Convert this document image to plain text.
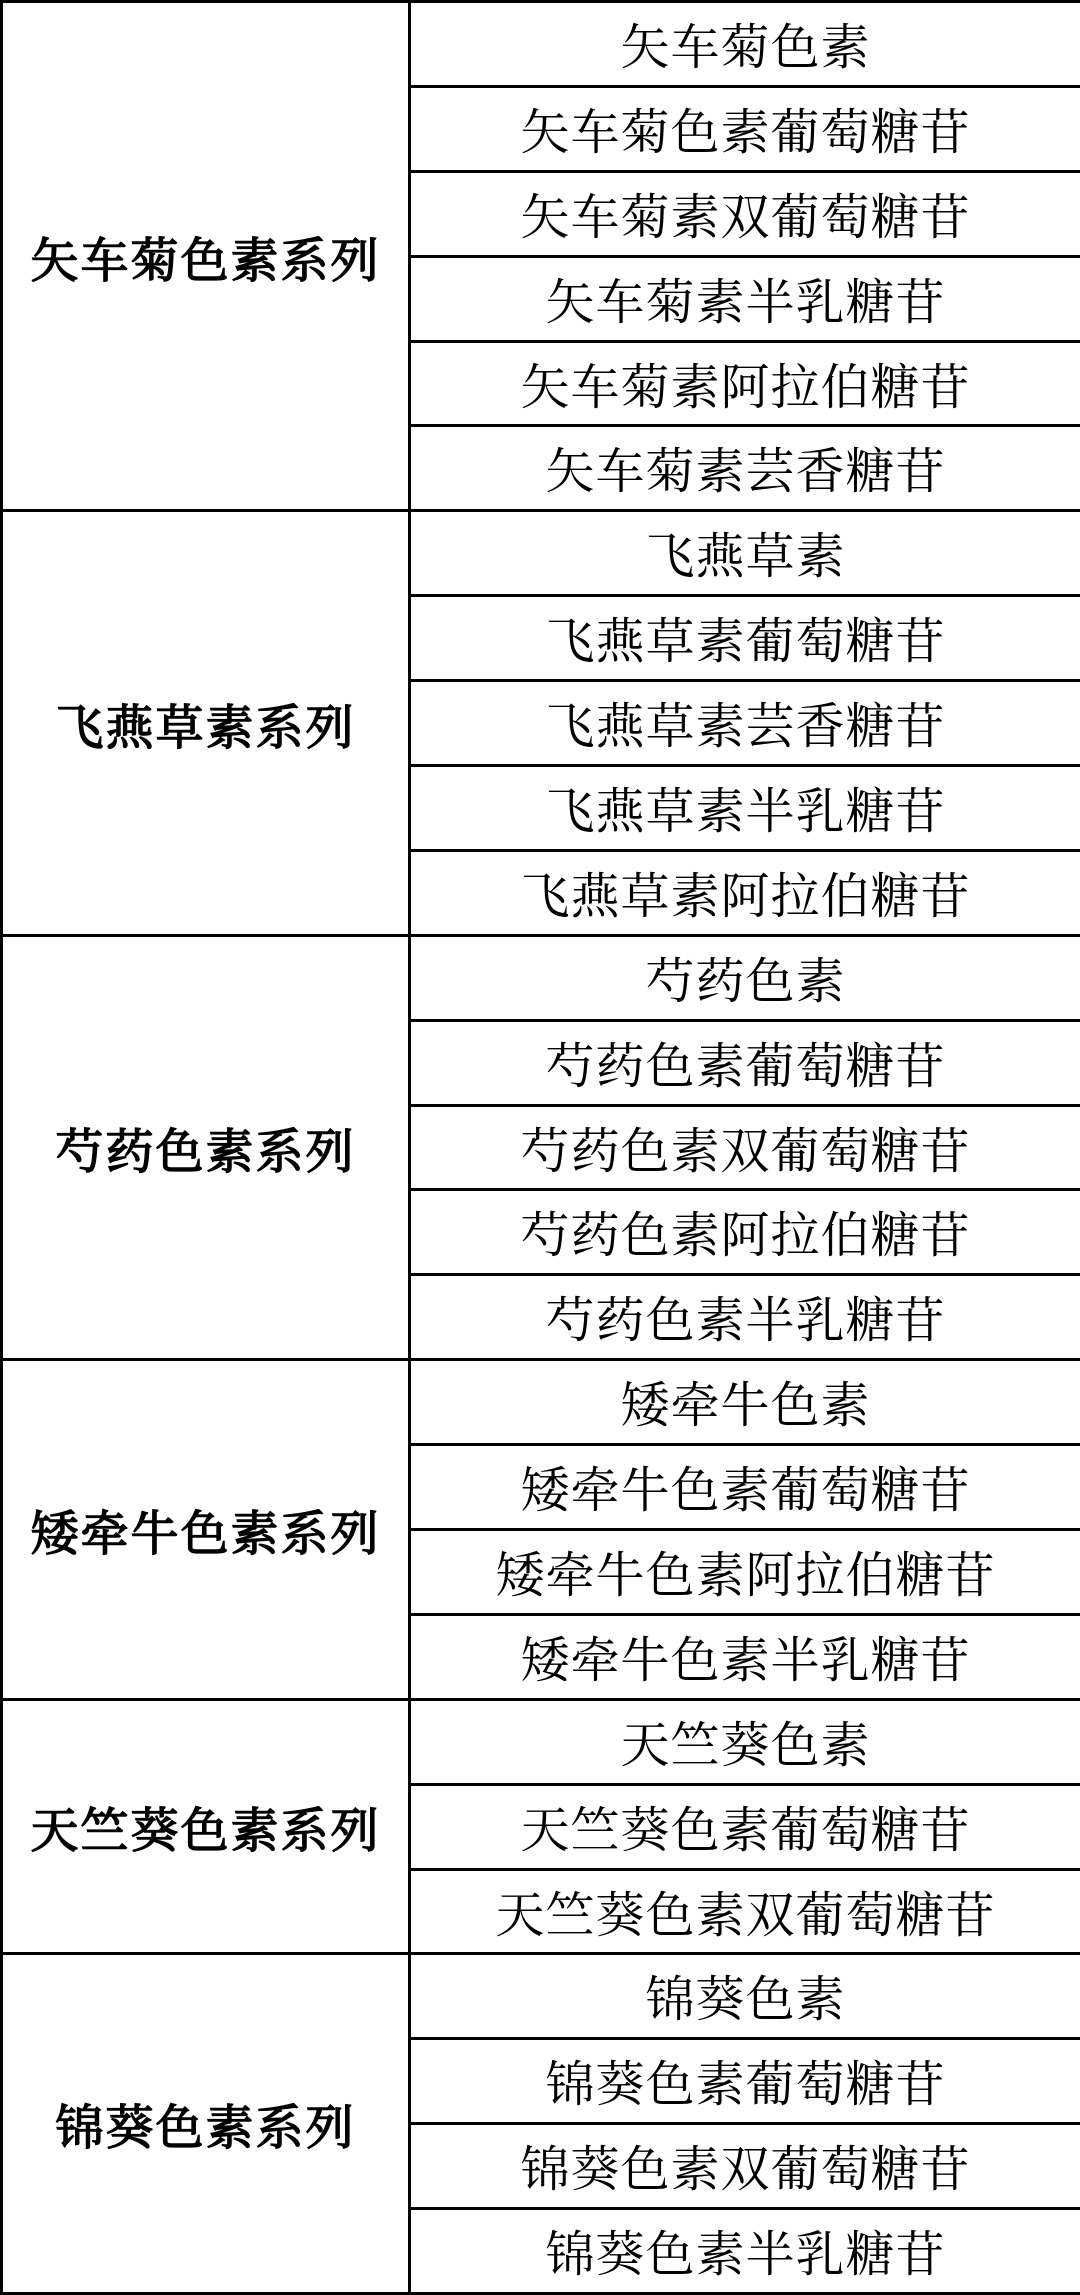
矢车菊色素系列	矢车菊色素
	矢车菊色素葡萄糖苷
	矢车菊素双葡萄糖苷
	矢车菊素半乳糖苷
	矢车菊素阿拉伯糖苷
	矢车菊素芸香糖苷
飞燕草素系列	飞燕草素
	飞燕草素葡萄糖苷
	飞燕草素芸香糖苷
	飞燕草素半乳糖苷
	飞燕草素阿拉伯糖苷
芍药色素系列	芍药色素
	芍药色素葡萄糖苷
	芍药色素双葡萄糖苷
	芍药色素阿拉伯糖苷
	芍药色素半乳糖苷
矮牵牛色素系列	矮牵牛色素
	矮牵牛色素葡萄糖苷
	矮牵牛色素阿拉伯糖苷
	矮牵牛色素半乳糖苷
天竺葵色素系列	天竺葵色素
	天竺葵色素葡萄糖苷
	天竺葵色素双葡萄糖苷
锦葵色素系列	锦葵色素
	锦葵色素葡萄糖苷
	锦葵色素双葡萄糖苷
	锦葵色素半乳糖苷
